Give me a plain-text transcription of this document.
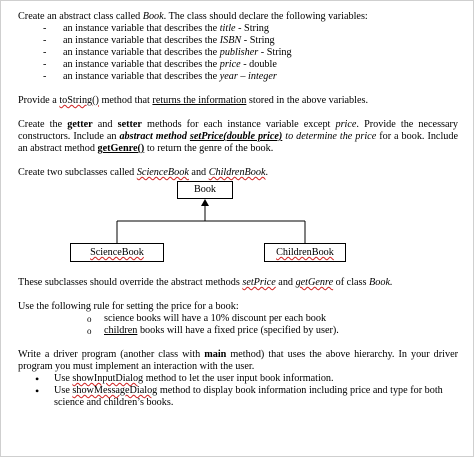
Create an abstract class called Book. The class should declare the following variables:

- an instance variable that describes the title - String
- an instance variable that describes the ISBN - String
- an instance variable that describes the publisher - String
- an instance variable that describes the price - double
- an instance variable that describes the year – integer

Provide a toString() method that returns the information stored in the above variables.

Create the getter and setter methods for each instance variable except price. Provide the necessary constructors. Include an abstract method setPrice(double price) to determine the price for a book. Include an abstract method getGenre() to return the genre of the book.

Create two subclasses called ScienceBook and ChildrenBook.

Book
ScienceBook	ChildrenBook

These subclasses should override the abstract methods setPrice and getGenre of class Book.

Use the following rule for setting the price for a book:

o science books will have a 10% discount per each book
o children books will have a fixed price (specified by user).

Write a driver program (another class with main method) that uses the above hierarchy. In your driver program you must implement an interaction with the user.

• Use showInputDialog method to let the user input book information.
• Use showMessageDialog method to display book information including price and type for both science and children’s books.
